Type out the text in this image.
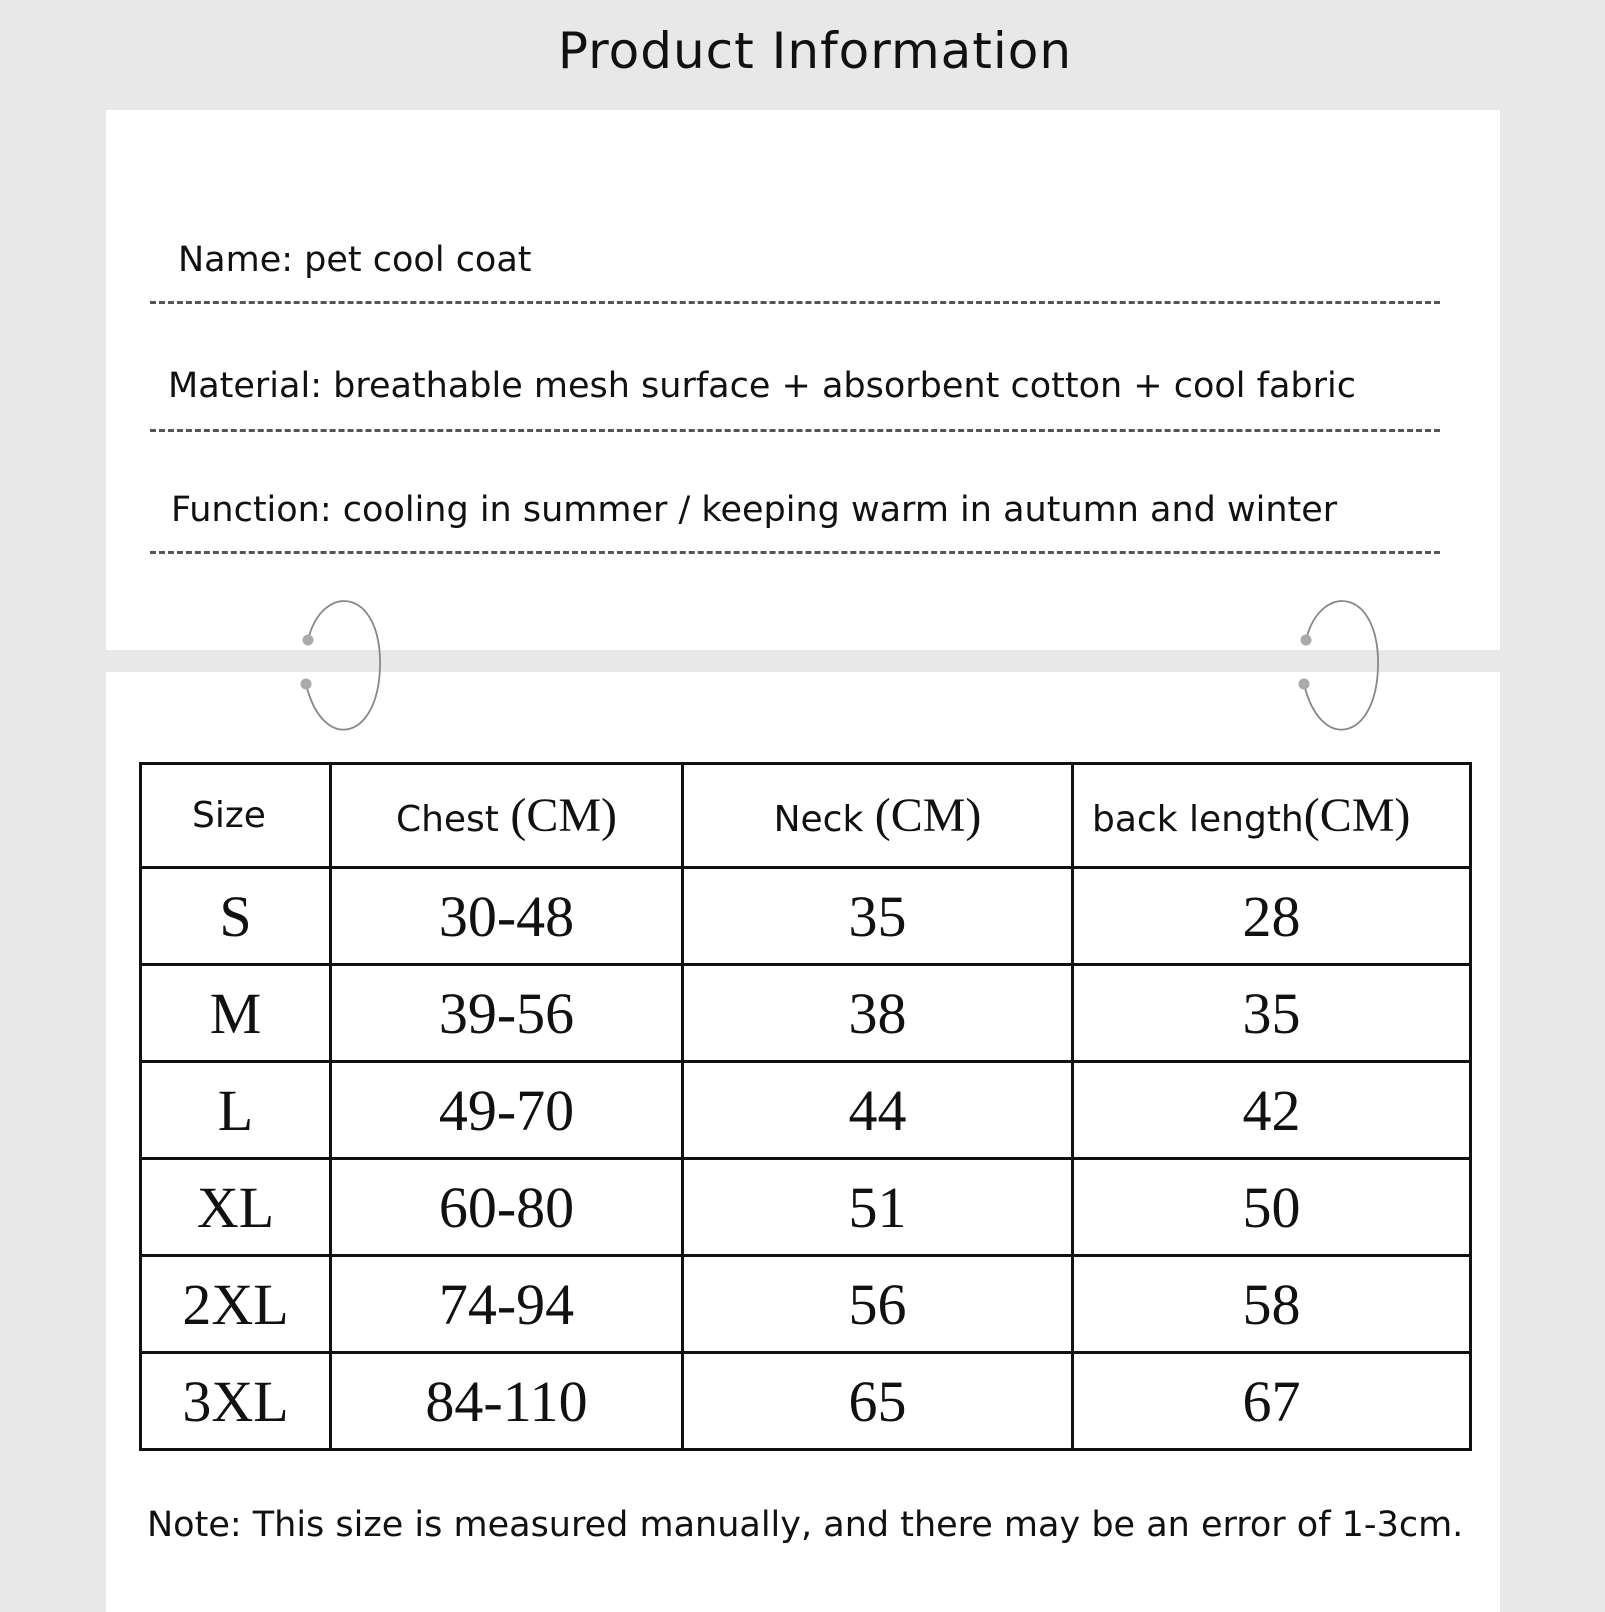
Product Information
Name: pet cool coat
Material: breathable mesh surface + absorbent cotton + cool fabric
Function: cooling in summer / keeping warm in autumn and winter
Size	Chest (CM)	Neck (CM)	back length(CM)
S	30-48	35	28
M	39-56	38	35
L	49-70	44	42
XL	60-80	51	50
2XL	74-94	56	58
3XL	84-110	65	67
Note: This size is measured manually, and there may be an error of 1-3cm.
